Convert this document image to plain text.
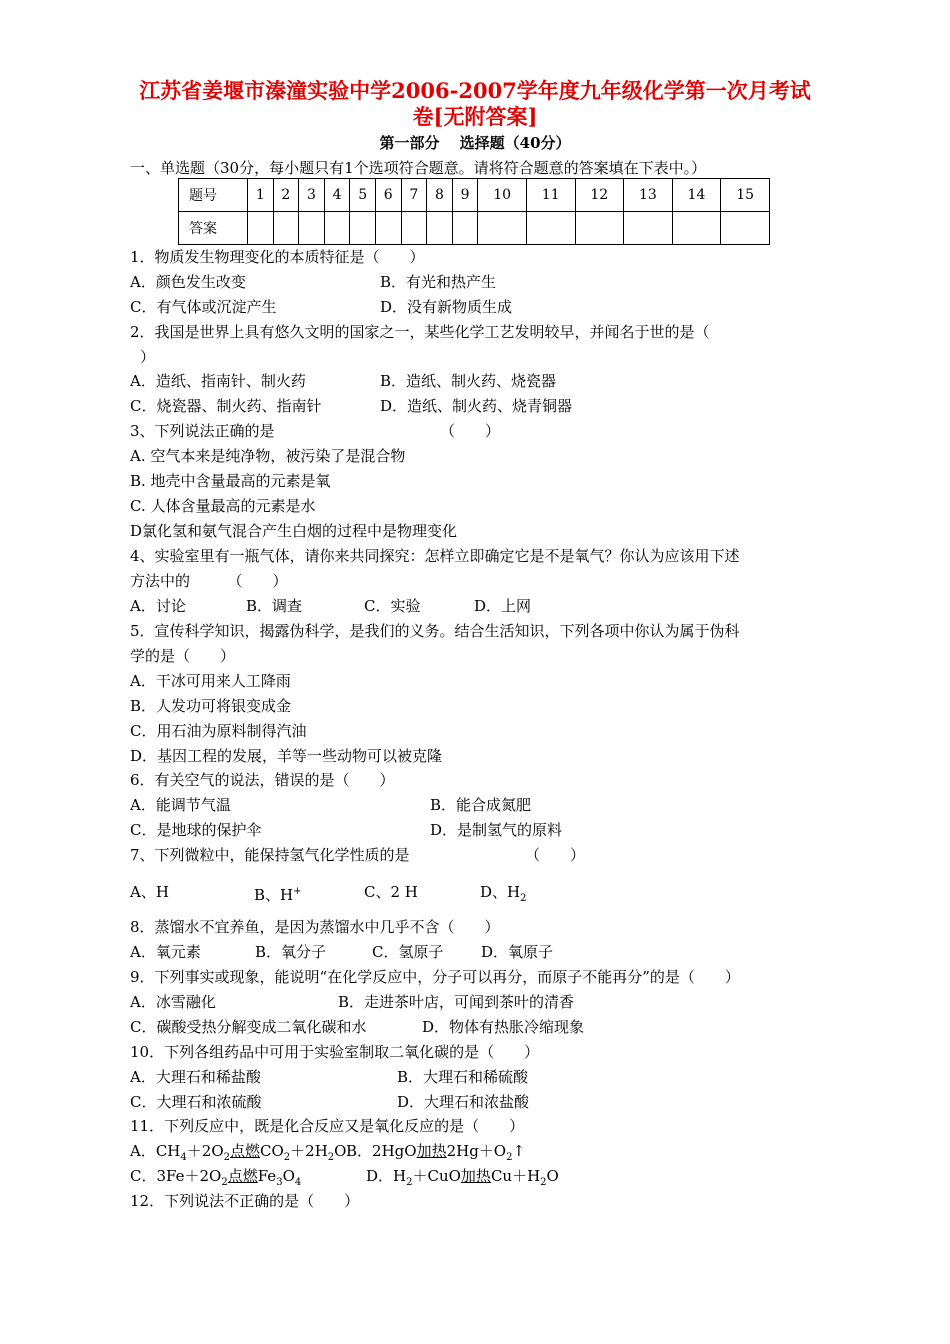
江苏省姜堰市溱潼实验中学2006-2007学年度九年级化学第一次月考试
卷[无附答案]
第一部分　 选择题（40分）
一、单选题（30分，每小题只有1个选项符合题意。请将符合题意的答案填在下表中。）
题号	1	2	3	4	5	6	7	8	9	10	11	12	13	14	15
答案															
1．物质发生物理变化的本质特征是（　　）
A．颜色发生改变	B．有光和热产生
C．有气体或沉淀产生	D．没有新物质生成
2．我国是世界上具有悠久文明的国家之一，某些化学工艺发明较早，并闻名于世的是（
）
A．造纸、指南针、制火药	B．造纸、制火药、烧瓷器
C．烧瓷器、制火药、指南针	D．造纸、制火药、烧青铜器
3、下列说法正确的是	（　　）
A. 空气本来是纯净物，被污染了是混合物
B. 地壳中含量最高的元素是氧
C. 人体含量最高的元素是水
D氯化氢和氨气混合产生白烟的过程中是物理变化
4、实验室里有一瓶气体，请你来共同探究：怎样立即确定它是不是氧气？你认为应该用下述
方法中的　　　（　　）
A．讨论	B．调查	C．实验	D．上网
5．宣传科学知识，揭露伪科学，是我们的义务。结合生活知识，下列各项中你认为属于伪科
学的是（　　）
A．干冰可用来人工降雨
B．人发功可将银变成金
C．用石油为原料制得汽油
D．基因工程的发展，羊等一些动物可以被克隆
6．有关空气的说法，错误的是（　　）
A．能调节气温	B．能合成氮肥
C．是地球的保护伞	D．是制氢气的原料
7、下列微粒中，能保持氢气化学性质的是	（　　）
A、H	B、H+	C、2 H	D、$H_2$
8．蒸馏水不宜养鱼，是因为蒸馏水中几乎不含（　　）
A．氧元素	B．氧分子	C．氢原子	D．氧原子
9．下列事实或现象，能说明“在化学反应中，分子可以再分，而原子不能再分”的是（　　）
A．冰雪融化	B．走进茶叶店，可闻到茶叶的清香
C．碳酸受热分解变成二氧化碳和水	D．物体有热胀冷缩现象
10．下列各组药品中可用于实验室制取二氧化碳的是（　　）
A．大理石和稀盐酸	B．大理石和稀硫酸
C．大理石和浓硫酸	D．大理石和浓盐酸
11．下列反应中，既是化合反应又是氧化反应的是（　　）
A．$CH_4+2O_2$点燃$CO_2+2H_2O$ B．2HgO加热$2Hg+O_2↑$
C．$3Fe+2O_2$点燃$Fe_3O_4$	D．$H_2+CuO$加热$Cu+H_2O$
12．下列说法不正确的是（　　）
